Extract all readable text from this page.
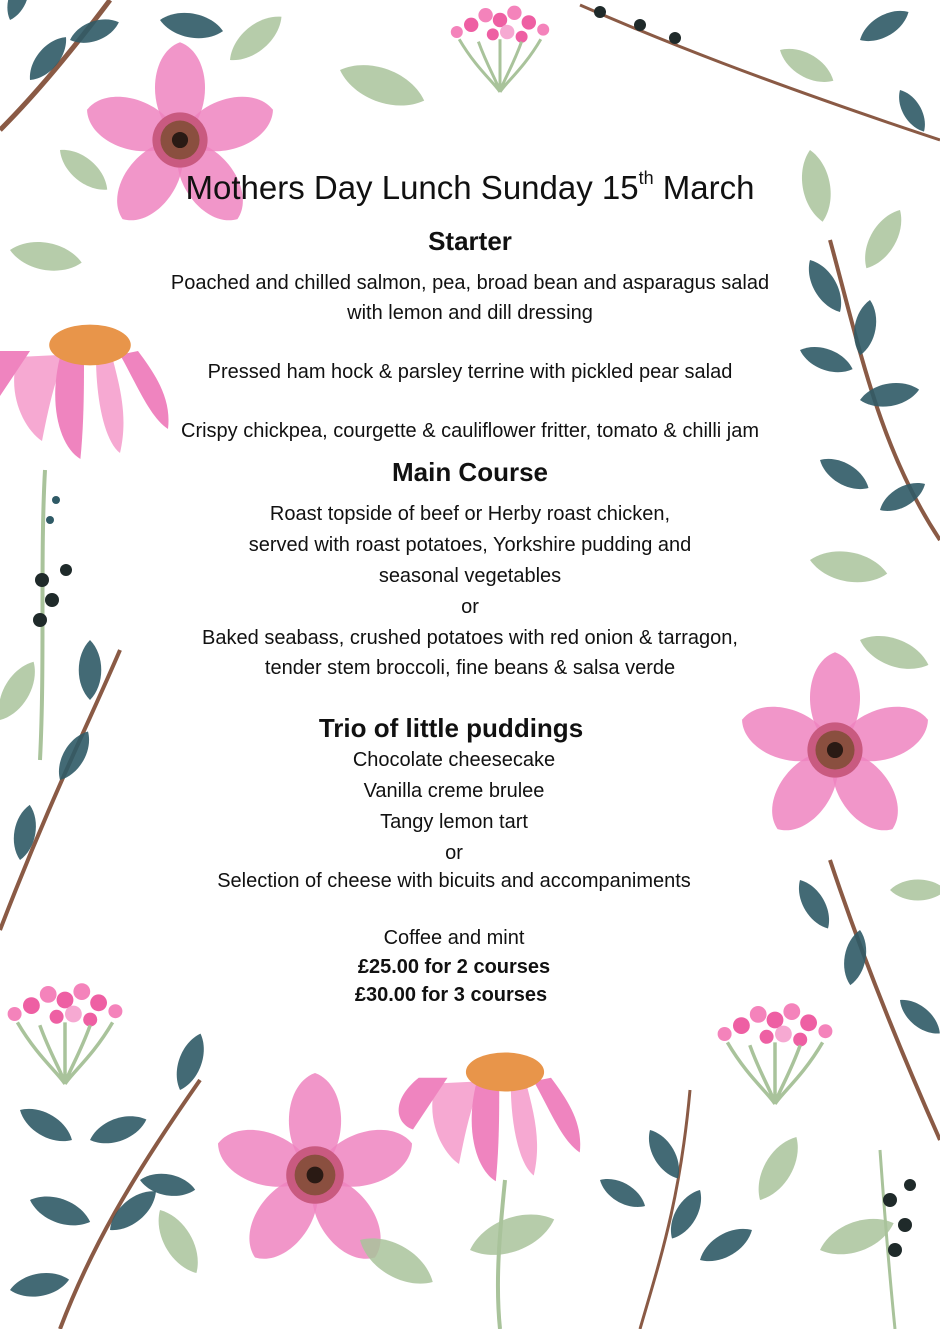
Mothers Day Lunch Sunday 15th March
Starter
Poached and chilled salmon, pea, broad bean and asparagus salad
with lemon and dill dressing
Pressed ham hock & parsley terrine with pickled pear salad
Crispy chickpea, courgette & cauliflower fritter, tomato & chilli jam
Main Course
Roast topside of beef or Herby roast chicken,
served with roast potatoes, Yorkshire pudding and
seasonal vegetables
or
Baked seabass, crushed potatoes with red onion & tarragon,
tender stem broccoli, fine beans & salsa verde
Trio of little puddings
Chocolate cheesecake
Vanilla creme brulee
Tangy lemon tart
or
Selection of cheese with bicuits and accompaniments
Coffee and mint
£25.00 for 2 courses
£30.00 for 3 courses
